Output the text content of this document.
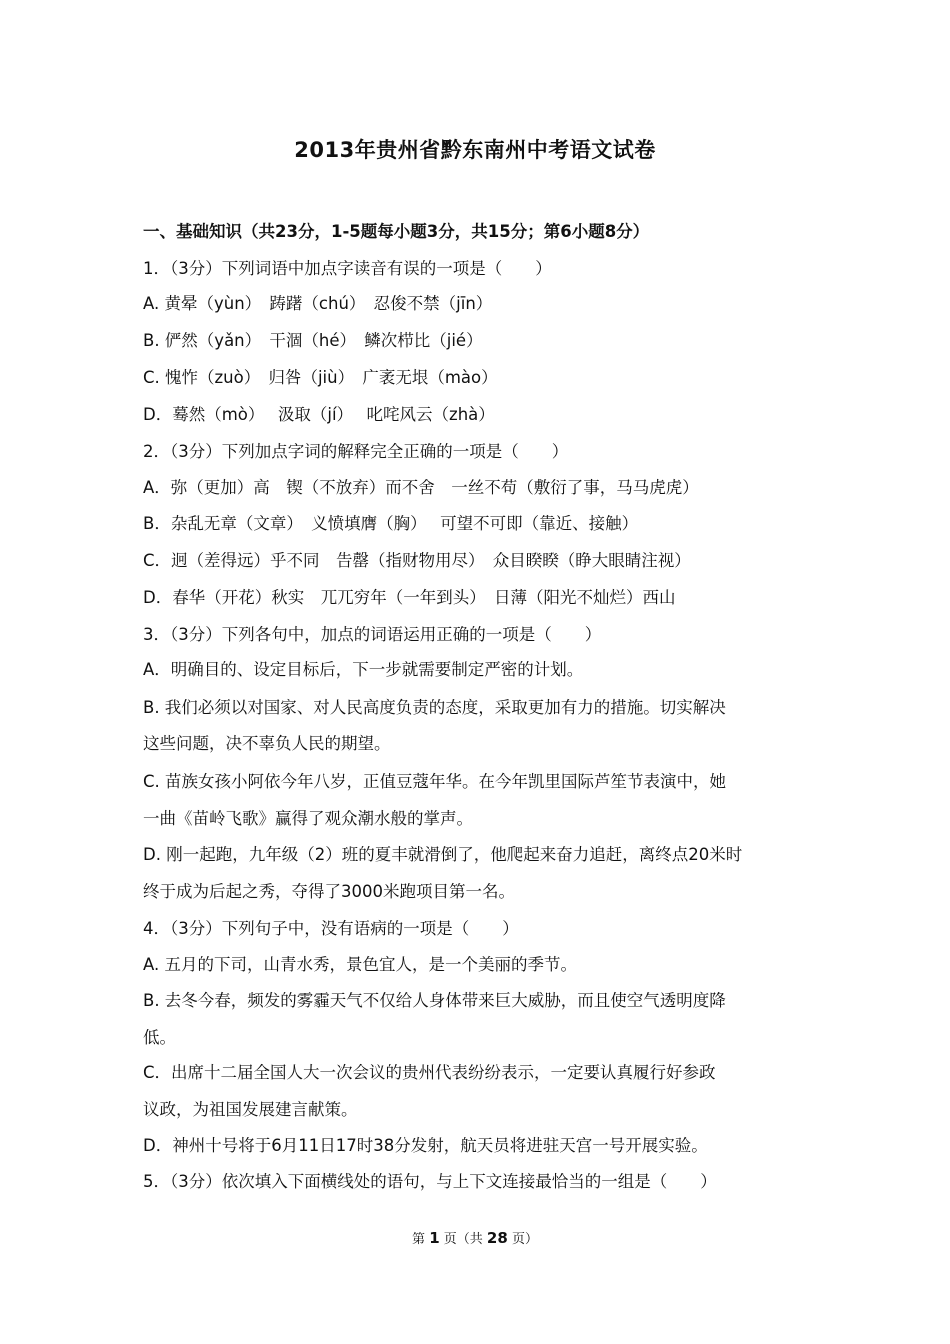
2013年贵州省黔东南州中考语文试卷
一、基础知识（共23分，1-5题每小题3分，共15分；第6小题8分）
1．（3分）下列词语中加点字读音有误的一项是（　　）
A. 黄晕（yùn）　踌躇（chú）　忍俊不禁（jīn）
B. 俨然（yǎn）　干涸（hé）　鳞次栉比（jié）
C. 愧怍（zuò）　归咎（jiù）　广袤无垠（mào）
D．蓦然（mò）　 汲取（jí）　 叱咤风云（zhà）
2．（3分）下列加点字词的解释完全正确的一项是（　　）
A．弥（更加）高　锲（不放弃）而不舍　一丝不苟（敷衍了事，马马虎虎）
B．杂乱无章（文章）　义愤填膺（胸）　 可望不可即（靠近、接触）
C．迥（差得远）乎不同　告罄（指财物用尽）　众目睽睽（睁大眼睛注视）
D．春华（开花）秋实　兀兀穷年（一年到头）　日薄（阳光不灿烂）西山
3．（3分）下列各句中，加点的词语运用正确的一项是（　　）
A．明确目的、设定目标后，下一步就需要制定严密的计划。
B. 我们必须以对国家、对人民高度负责的态度，采取更加有力的措施。切实解决
这些问题，决不辜负人民的期望。
C. 苗族女孩小阿依今年八岁，正值豆蔻年华。在今年凯里国际芦笙节表演中，她
一曲《苗岭飞歌》赢得了观众潮水般的掌声。
D. 刚一起跑，九年级（2）班的夏丰就滑倒了，他爬起来奋力追赶，离终点20米时
终于成为后起之秀，夺得了3000米跑项目第一名。
4．（3分）下列句子中，没有语病的一项是（　　）
A. 五月的下司，山青水秀，景色宜人，是一个美丽的季节。
B. 去冬今春，频发的雾霾天气不仅给人身体带来巨大威胁，而且使空气透明度降
低。
C．出席十二届全国人大一次会议的贵州代表纷纷表示，一定要认真履行好参政
议政，为祖国发展建言献策。
D．神州十号将于6月11日17时38分发射，航天员将进驻天宫一号开展实验。
5．（3分）依次填入下面横线处的语句，与上下文连接最恰当的一组是（　　）
第 1 页（共 28 页）
